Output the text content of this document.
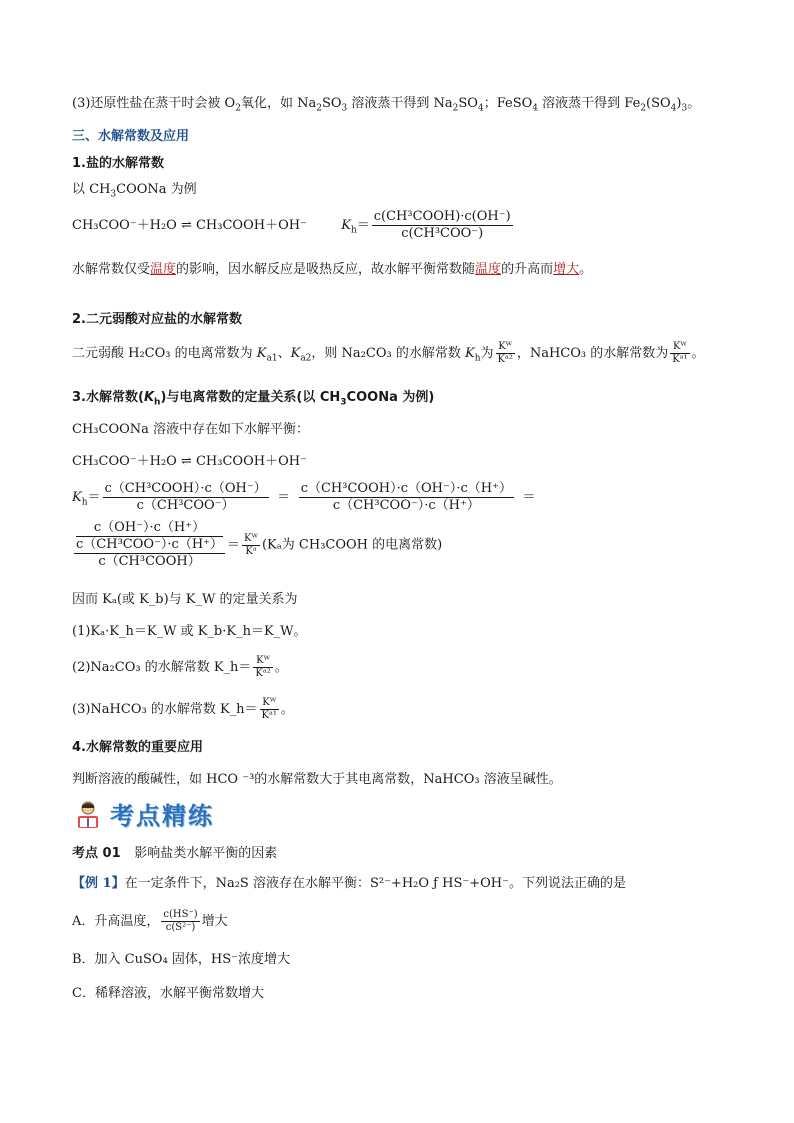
(3)还原性盐在蒸干时会被 $O_2$氧化，如 $Na_2SO_3$ 溶液蒸干得到 $Na_2SO_4$；FeSO$_4$ 溶液蒸干得到 $Fe_2(SO_4)_3$。
三、水解常数及应用
1.盐的水解常数
以 $CH_3COONa$ 为例
CH₃COO⁻＋H₂O ⇌ CH₃COOH＋OH⁻	$K_h= \frac{\text{c(CH³COOH)·c(OH⁻)}}{\text{c(CH³COO⁻)}}$
水解常数仅受温度的影响，因水解反应是吸热反应，故水解平衡常数随温度的升高而增大。
2.二元弱酸对应盐的水解常数
二元弱酸 H₂CO₃ 的电离常数为 $K_{a1}$、$K_{a2}$，则 Na₂CO₃ 的水解常数 $K_h$为 $\frac{\text{Kᵂ}}{\text{Kᵃ²}}$ ，NaHCO₃ 的水解常数为 $\frac{\text{Kᵂ}}{\text{Kᵃ¹}}$ 。
3.水解常数$(K_h)$与电离常数的定量关系(以 $CH_3COONa$ 为例)
CH₃COONa 溶液中存在如下水解平衡：
CH₃COO⁻＋H₂O ⇌ CH₃COOH＋OH⁻
$K_h= \frac{\text{c（CH³COOH）·c（OH⁻）}}{\text{c（CH³COO⁻）}} = \frac{\text{c（CH³COOH）·c（OH⁻）·c（H⁺）}}{\text{c（CH³COO⁻）·c（H⁺）}}$ ＝
c（OH⁻）·c（H⁺）
c（CH³COO⁻）·c（H⁺）
c（CH³COOH） ＝ $\frac{\text{Kᵂ}}{\text{Kᵃ}} (K_a$为 CH₃COOH 的电离常数)
因而 Kₐ(或 K_b)与 K_W 的定量关系为
(1)Kₐ·K_h＝K_W 或 K_b·K_h＝K_W。
(2)Na₂CO₃ 的水解常数 K_h＝ $\frac{\text{Kᵂ}}{\text{Kᵃ²}}$ 。
(3)NaHCO₃ 的水解常数 K_h＝ $\frac{\text{Kᵂ}}{\text{Kᵃ¹}}$ 。
4.水解常数的重要应用
判断溶液的酸碱性，如 HCO ⁻³的水解常数大于其电离常数，NaHCO₃ 溶液呈碱性。
考点精练
考点 01 影响盐类水解平衡的因素
【例 1】在一定条件下，Na₂S 溶液存在水解平衡：S²⁻+H₂O ƒ HS⁻+OH⁻。下列说法正确的是
A．升高温度， $\frac{c(HS^-)}{\text{c(S²⁻)}}$ 增大
B．加入 CuSO₄ 固体，HS⁻浓度增大
C．稀释溶液，水解平衡常数增大
